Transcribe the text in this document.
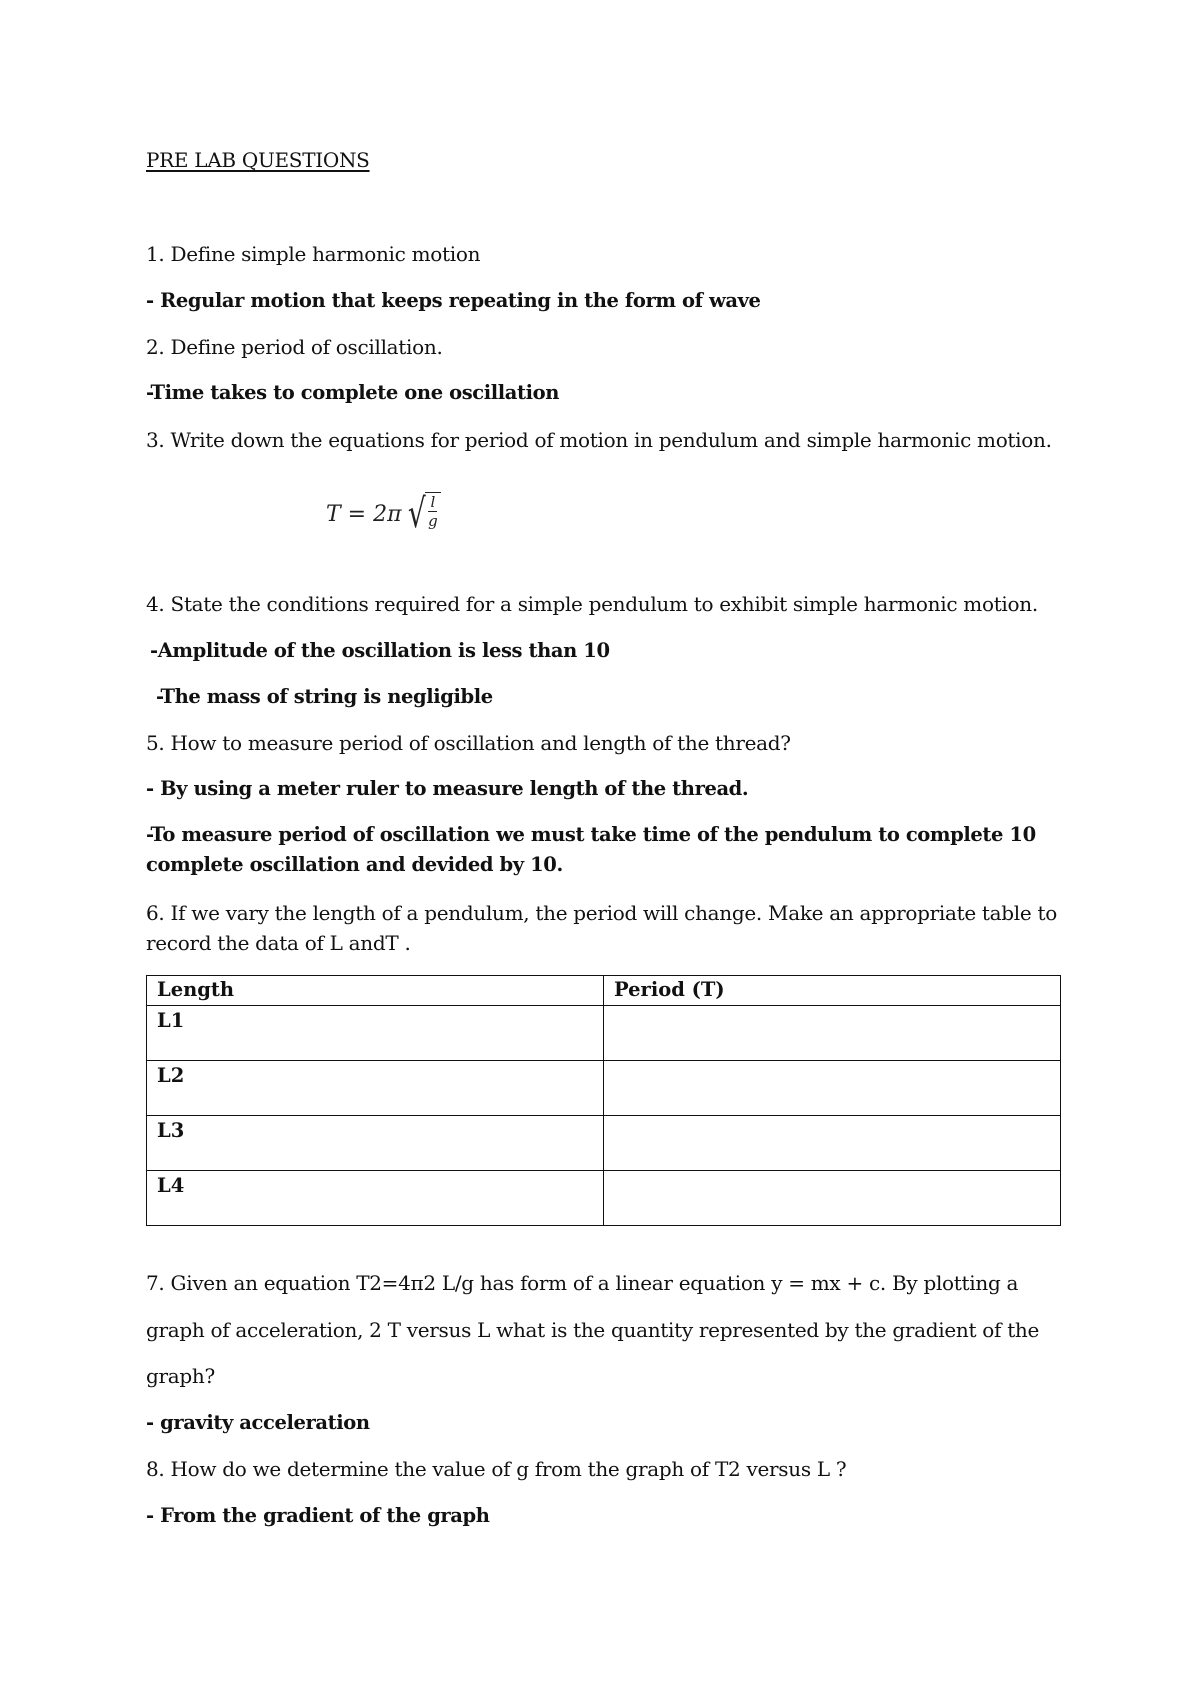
PRE LAB QUESTIONS
1. Define simple harmonic motion
- Regular motion that keeps repeating in the form of wave
2. Define period of oscillation.
-Time takes to complete one oscillation
3. Write down the equations for period of motion in pendulum and simple harmonic motion.
T = 2π √ $\frac{l}{g}$
4. State the conditions required for a simple pendulum to exhibit simple harmonic motion.
-Amplitude of the oscillation is less than 10
-The mass of string is negligible
5. How to measure period of oscillation and length of the thread?
- By using a meter ruler to measure length of the thread.
-To measure period of oscillation we must take time of the pendulum to complete 10 complete oscillation and devided by 10.
6. If we vary the length of a pendulum, the period will change. Make an appropriate table to record the data of L andT .
Length	Period (T)
L1	
L2	
L3	
L4	
7. Given an equation T2=4π2 L/g has form of a linear equation y = mx + c. By plotting a
graph of acceleration, 2 T versus L what is the quantity represented by the gradient of the
graph?
- gravity acceleration
8. How do we determine the value of g from the graph of T2 versus L ?
- From the gradient of the graph
